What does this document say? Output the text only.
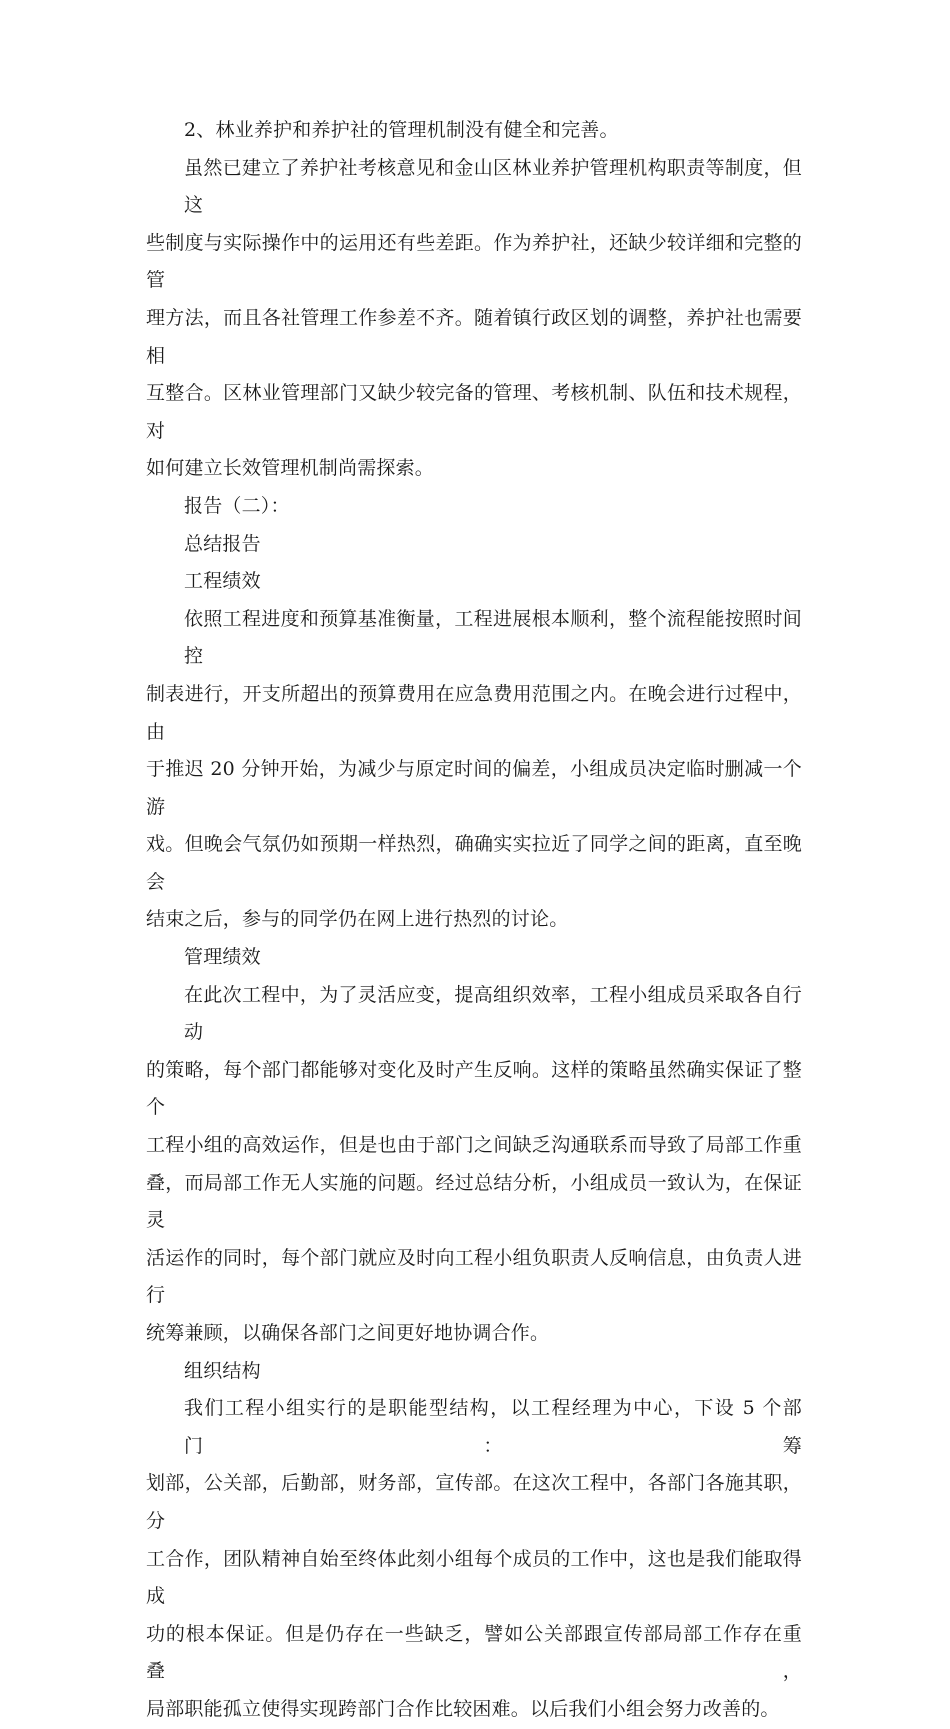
2、林业养护和养护社的管理机制没有健全和完善。

虽然已建立了养护社考核意见和金山区林业养护管理机构职责等制度，但这

些制度与实际操作中的运用还有些差距。作为养护社，还缺少较详细和完整的管

理方法，而且各社管理工作参差不齐。随着镇行政区划的调整，养护社也需要相

互整合。区林业管理部门又缺少较完备的管理、考核机制、队伍和技术规程，对

如何建立长效管理机制尚需探索。

报告（二）：

总结报告

工程绩效

依照工程进度和预算基准衡量，工程进展根本顺利，整个流程能按照时间控

制表进行，开支所超出的预算费用在应急费用范围之内。在晚会进行过程中，由

于推迟 20 分钟开始，为减少与原定时间的偏差，小组成员决定临时删减一个游

戏。但晚会气氛仍如预期一样热烈，确确实实拉近了同学之间的距离，直至晚会

结束之后，参与的同学仍在网上进行热烈的讨论。

管理绩效

在此次工程中，为了灵活应变，提高组织效率，工程小组成员采取各自行动

的策略，每个部门都能够对变化及时产生反响。这样的策略虽然确实保证了整个

工程小组的高效运作，但是也由于部门之间缺乏沟通联系而导致了局部工作重

叠，而局部工作无人实施的问题。经过总结分析，小组成员一致认为，在保证灵

活运作的同时，每个部门就应及时向工程小组负职责人反响信息，由负责人进行

统筹兼顾，以确保各部门之间更好地协调合作。

组织结构

我们工程小组实行的是职能型结构，以工程经理为中心，下设 5 个部门：筹

划部，公关部，后勤部，财务部，宣传部。在这次工程中，各部门各施其职，分

工合作，团队精神自始至终体此刻小组每个成员的工作中，这也是我们能取得成

功的根本保证。但是仍存在一些缺乏，譬如公关部跟宣传部局部工作存在重叠，

局部职能孤立使得实现跨部门合作比较困难。以后我们小组会努力改善的。
